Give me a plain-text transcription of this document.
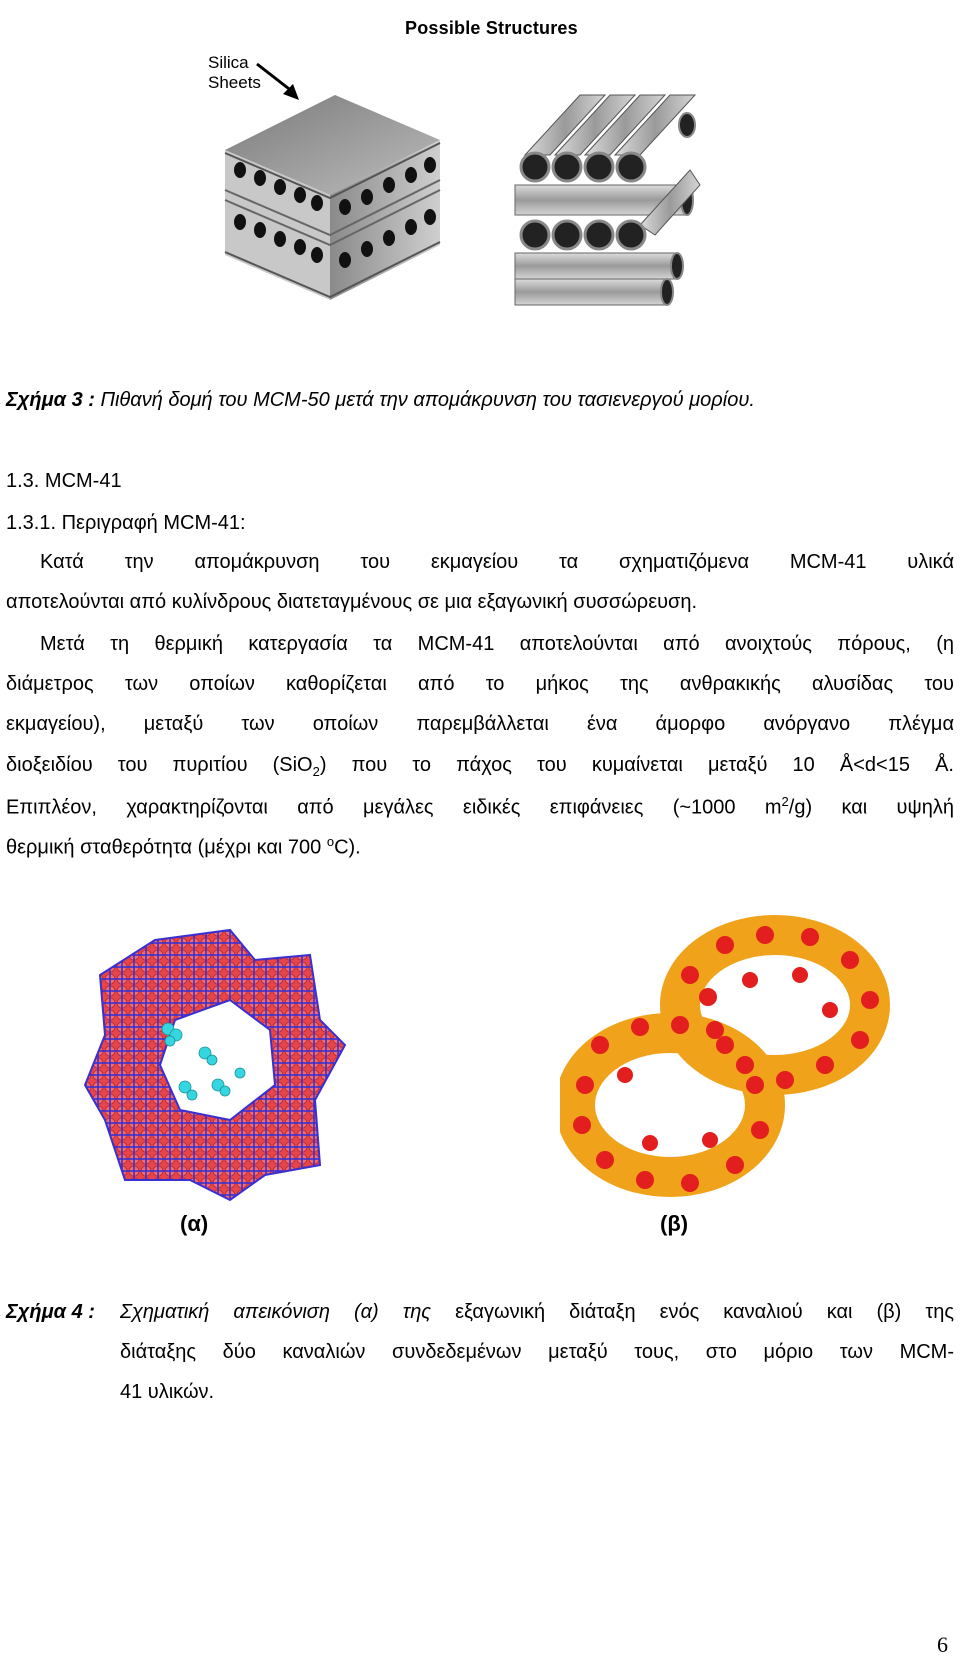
Possible Structures
Silica
Sheets
Σχήμα 3 : Πιθανή δομή του ΜCM-50 μετά την απομάκρυνση του τασιενεργού μορίου.
1.3. MCM-41
1.3.1. Περιγραφή MCM-41:
Κατά την απομάκρυνση του εκμαγείου τα σχηματιζόμενα MCM-41 υλικά
αποτελούνται από κυλίνδρους διατεταγμένους σε μια εξαγωνική συσσώρευση.
Μετά τη θερμική κατεργασία τα MCM-41 αποτελούνται από ανοιχτούς πόρους, (η
διάμετρος των οποίων καθορίζεται από το μήκος της ανθρακικής αλυσίδας του
εκμαγείου), μεταξύ των οποίων παρεμβάλλεται ένα άμορφο ανόργανο πλέγμα
διοξειδίου του πυριτίου (SiO$_2$) που το πάχος του κυμαίνεται μεταξύ 10 Å<d<15 Å.
Επιπλέον, χαρακτηρίζονται από μεγάλες ειδικές επιφάνειες (~1000 $m^2/g$) και υψηλή
θερμική σταθερότητα (μέχρι και 700 $^o$C).
(α)	(β)
Σχήμα 4 : Σχηματική απεικόνιση (α) της εξαγωνική διάταξη ενός καναλιού και (β) της
διάταξης δύο καναλιών συνδεδεμένων μεταξύ τους, στο μόριο των MCM-
41 υλικών.
6
